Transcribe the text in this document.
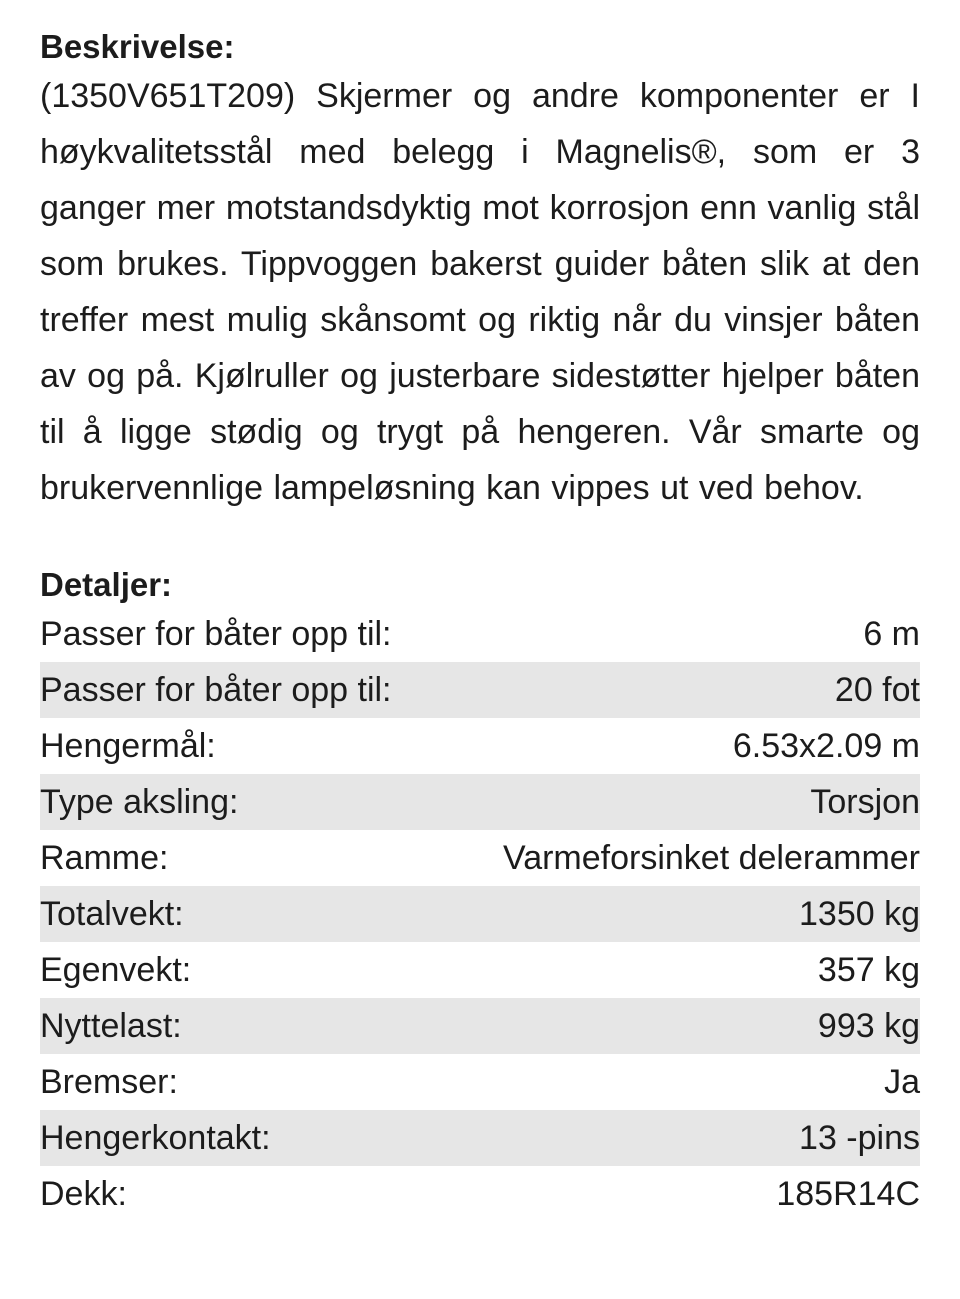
Beskrivelse:

(1350V651T209) Skjermer og andre komponenter er I høykvalitetsstål med belegg i Magnelis®, som er 3 ganger mer motstandsdyktig mot korrosjon enn vanlig stål som brukes. Tippvoggen bakerst guider båten slik at den treffer mest mulig skånsomt og riktig når du vinsjer båten av og på. Kjølruller og justerbare sidestøtter hjelper båten til å ligge stødig og trygt på hengeren. Vår smarte og brukervennlige lampeløsning kan vippes ut ved behov.

Detaljer:
Passer for båter opp til:	6 m
Passer for båter opp til:	20 fot
Hengermål:	6.53x2.09 m
Type aksling:	Torsjon
Ramme:	Varmeforsinket delerammer
Totalvekt:	1350 kg
Egenvekt:	357 kg
Nyttelast:	993 kg
Bremser:	Ja
Hengerkontakt:	13 -pins
Dekk:	185R14C
